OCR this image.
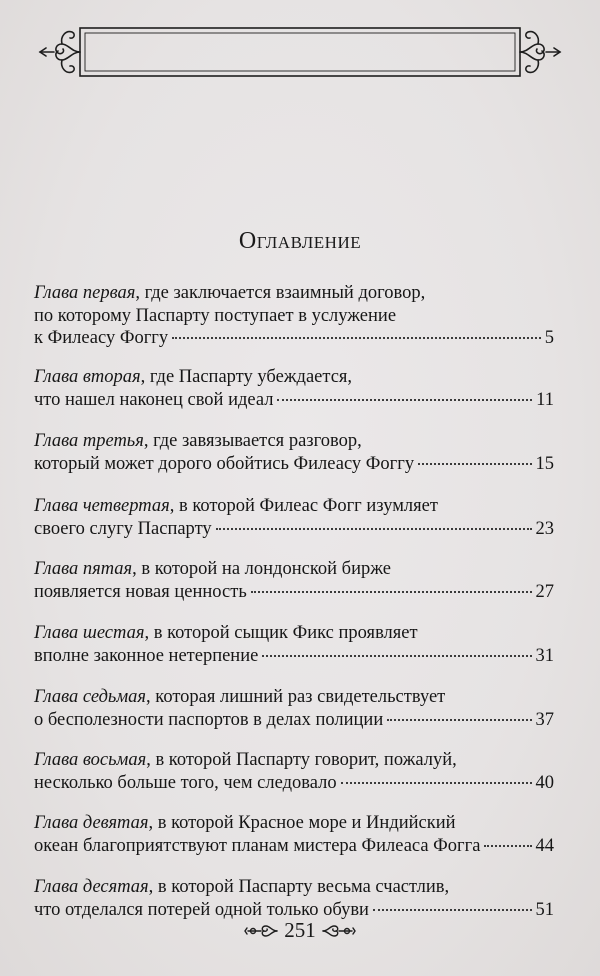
Оглавление
Глава первая, где заключается взаимный договор,
по которому Паспарту поступает в услужение
к Филеасу Фоггу	5
Глава вторая, где Паспарту убеждается,
что нашел наконец свой идеал	11
Глава третья, где завязывается разговор,
который может дорого обойтись Филеасу Фоггу	15
Глава четвертая, в которой Филеас Фогг изумляет
своего слугу Паспарту	23
Глава пятая, в которой на лондонской бирже
появляется новая ценность	27
Глава шестая, в которой сыщик Фикс проявляет
вполне законное нетерпение	31
Глава седьмая, которая лишний раз свидетельствует
о бесполезности паспортов в делах полиции	37
Глава восьмая, в которой Паспарту говорит, пожалуй,
несколько больше того, чем следовало	40
Глава девятая, в которой Красное море и Индийский
океан благоприятствуют планам мистера Филеаса Фогга	44
Глава десятая, в которой Паспарту весьма счастлив,
что отделался потерей одной только обуви	51
251
